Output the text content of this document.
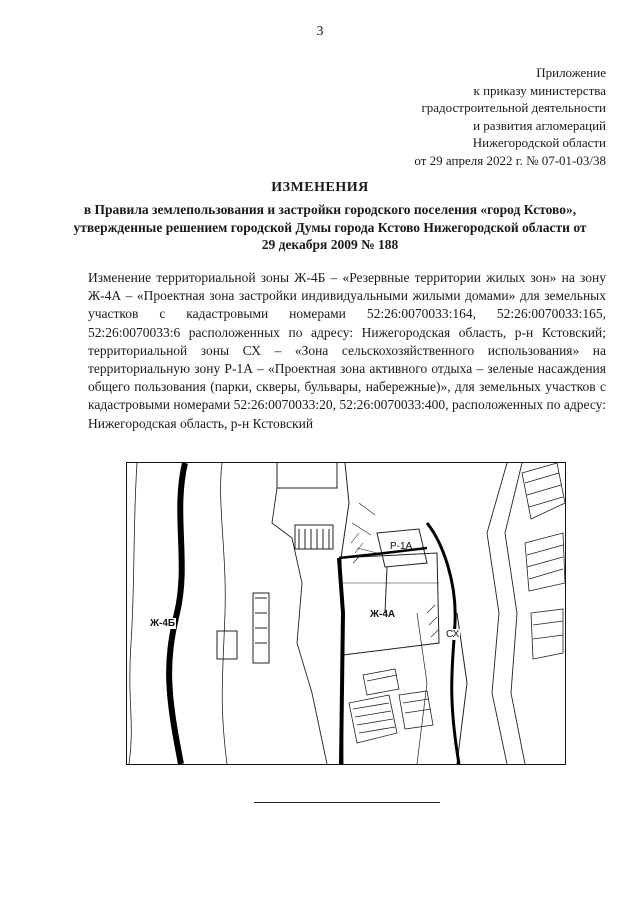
3
Приложение
к приказу министерства
градостроительной деятельности
и развития агломераций
Нижегородской области
от 29 апреля 2022 г. № 07-01-03/38
ИЗМЕНЕНИЯ
в Правила землепользования и застройки городского поселения «город Кстово», утвержденные решением городской Думы города Кстово Нижегородской области от 29 декабря 2009 № 188
Изменение территориальной зоны Ж-4Б – «Резервные территории жилых зон» на зону Ж-4А – «Проектная зона застройки индивидуальными жилыми домами» для земельных участков с кадастровыми номерами 52:26:0070033:164, 52:26:0070033:165, 52:26:0070033:6 расположенных по адресу: Нижегородская область, р-н Кстовский; территориальной зоны СХ – «Зона сельскохозяйственного использования» на территориальную зону Р-1А – «Проектная зона активного отдыха – зеленые насаждения общего пользования (парки, скверы, бульвары, набережные)», для земельных участков с кадастровыми номерами 52:26:0070033:20, 52:26:0070033:400, расположенных по адресу: Нижегородская область, р-н Кстовский
Ж-4Б
Ж-4А
Р-1А
СХ
